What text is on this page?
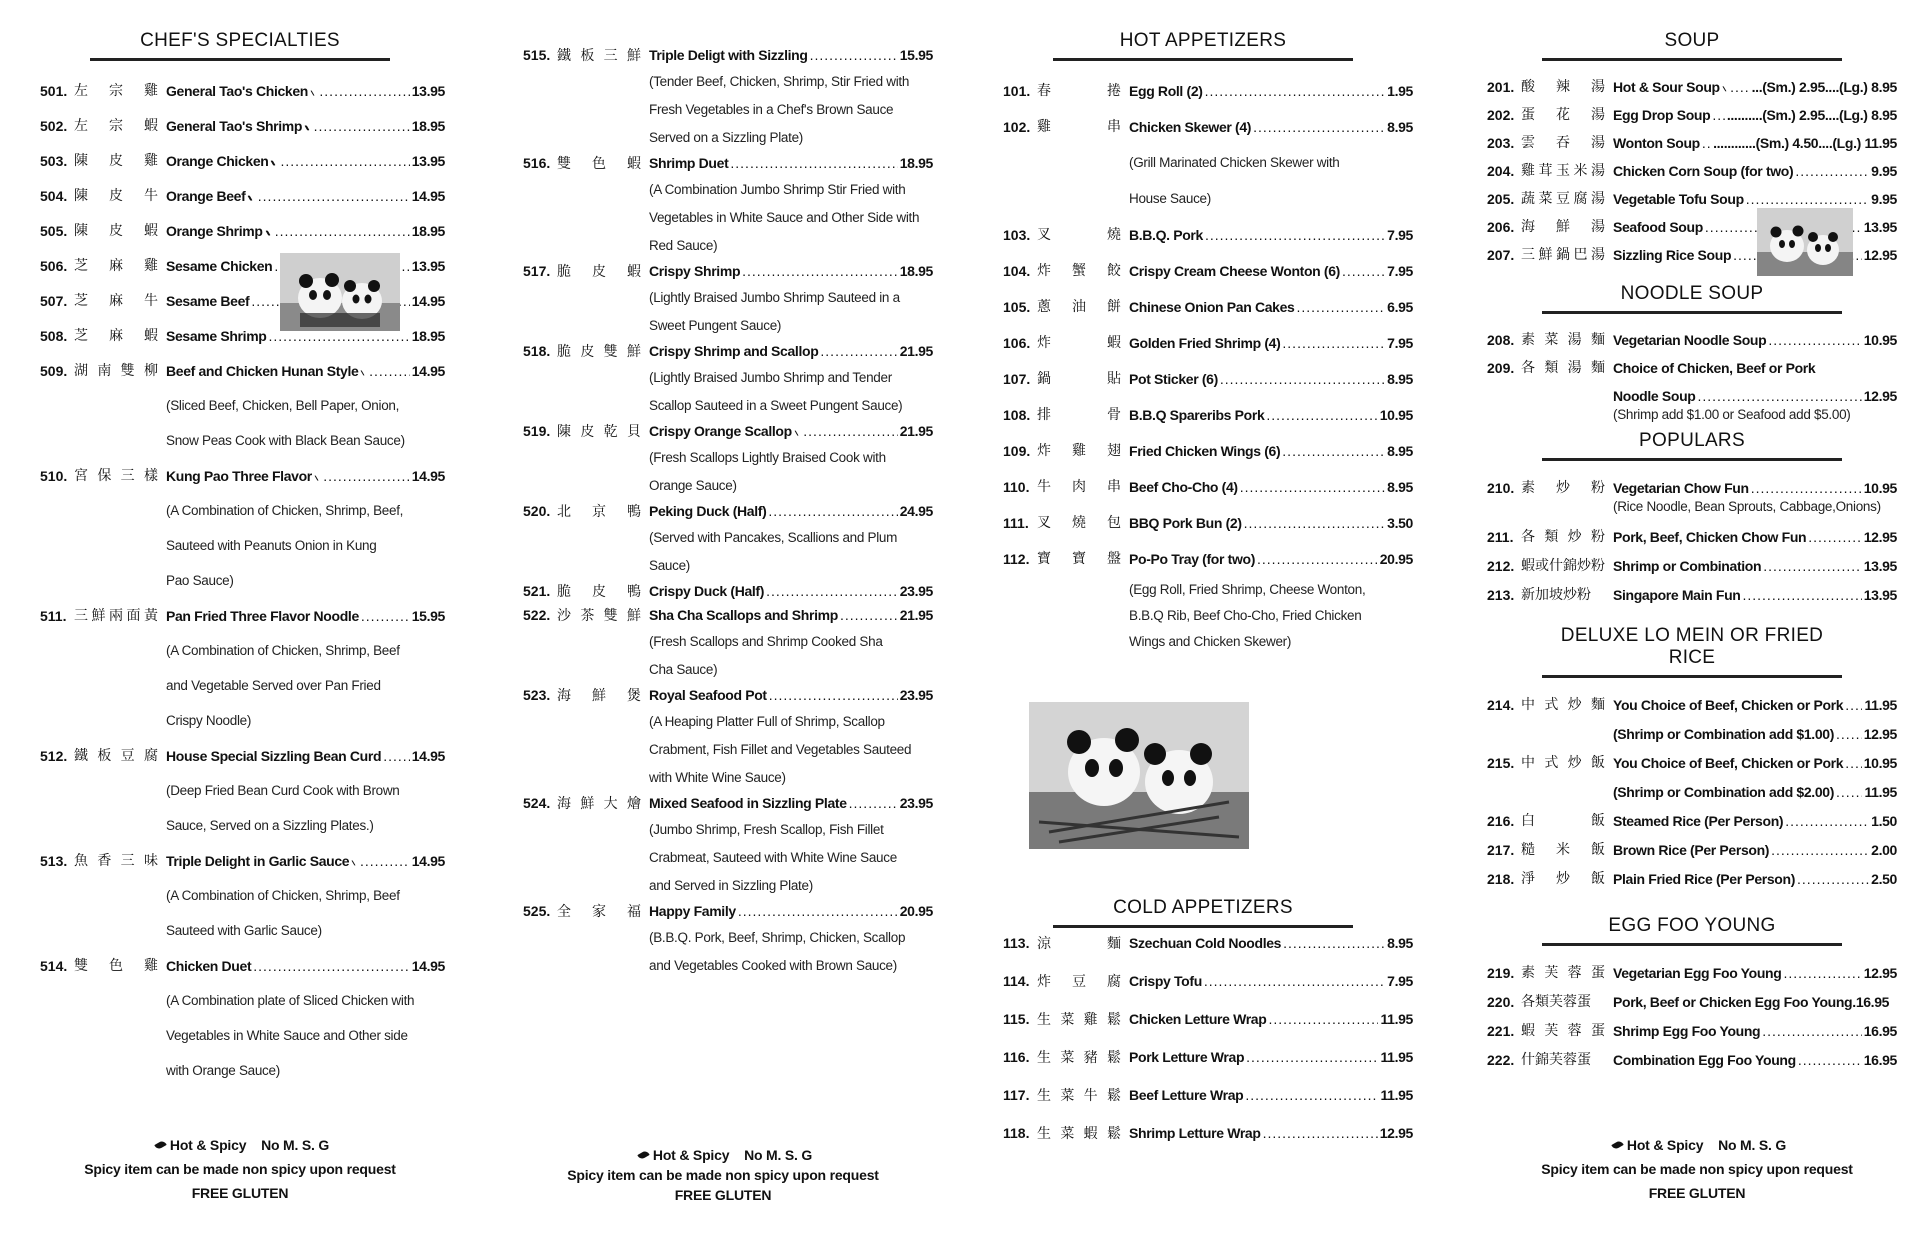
CHEF'S SPECIALTIES
501. 左 宗 雞 General Tao's Chicken .....	13.95
502. 左 宗 蝦 General Tao's Shrimp .....	18.95
503. 陳 皮 雞 Orange Chicken .....	13.95
504. 陳 皮 牛 Orange Beef .....	14.95
505. 陳 皮 蝦 Orange Shrimp .....	18.95
506. 芝 麻 雞 Sesame Chicken .....	13.95
507. 芝 麻 牛 Sesame Beef .....	14.95
508. 芝 麻 蝦 Sesame Shrimp .....	18.95
509. 湖 南 雙 柳 Beef and Chicken Hunan Style .....	14.95
(Sliced Beef, Chicken, Bell Paper, Onion,
Snow Peas Cook with Black Bean Sauce)
510. 宮 保 三 樣 Kung Pao Three Flavor .....	14.95
(A Combination of Chicken, Shrimp, Beef,
Sauteed with Peanuts Onion in Kung
Pao Sauce)
511. 三 鮮 兩 面 黃 Pan Fried Three Flavor Noodle .....	15.95
(A Combination of Chicken, Shrimp, Beef
and Vegetable Served over Pan Fried
Crispy Noodle)
512. 鐵 板 豆 腐 House Special Sizzling Bean Curd ..... 14.95
(Deep Fried Bean Curd Cook with Brown
Sauce, Served on a Sizzling Plates.)
513. 魚 香 三 味 Triple Delight in Garlic Sauce .....	14.95
(A Combination of Chicken, Shrimp, Beef
Sauteed with Garlic Sauce)
514. 雙 色 雞 Chicken Duet .....	14.95
(A Combination plate of Sliced Chicken with
Vegetables in White Sauce and Other side
with Orange Sauce)
515. 鐵 板 三 鮮 Triple Deligt with Sizzling .....	15.95
(Tender Beef, Chicken, Shrimp, Stir Fried with
Fresh Vegetables in a Chef's Brown Sauce
Served on a Sizzling Plate)
516. 雙 色 蝦 Shrimp Duet .....	18.95
(A Combination Jumbo Shrimp Stir Fried with
Vegetables in White Sauce and Other Side with
Red Sauce)
517. 脆 皮 蝦 Crispy Shrimp .....	18.95
(Lightly Braised Jumbo Shrimp Sauteed in a
Sweet Pungent Sauce)
518. 脆 皮 雙 鮮 Crispy Shrimp and Scallop .....	21.95
(Lightly Braised Jumbo Shrimp and Tender
Scallop Sauteed in a Sweet Pungent Sauce)
519. 陳 皮 乾 貝 Crispy Orange Scallop .....	21.95
(Fresh Scallops Lightly Braised Cook with
Orange Sauce)
520. 北 京 鴨 Peking Duck (Half) .....	24.95
(Served with Pancakes, Scallions and Plum
Sauce)
521. 脆 皮 鴨 Crispy Duck (Half) .....	23.95
522. 沙 茶 雙 鮮 Sha Cha Scallops and Shrimp .....	21.95
(Fresh Scallops and Shrimp Cooked Sha
Cha Sauce)
523. 海 鮮 煲 Royal Seafood Pot .....	23.95
(A Heaping Platter Full of Shrimp, Scallop
Crabment, Fish Fillet and Vegetables Sauteed
with White Wine Sauce)
524. 海 鮮 大 燴 Mixed Seafood in Sizzling Plate .....	23.95
(Jumbo Shrimp, Fresh Scallop, Fish Fillet
Crabmeat, Sauteed with White Wine Sauce
and Served in Sizzling Plate)
525. 全 家 福 Happy Family .....	20.95
(B.B.Q. Pork, Beef, Shrimp, Chicken, Scallop
and Vegetables Cooked with Brown Sauce)
HOT APPETIZERS
101. 春	捲 Egg Roll (2) .....	1.95
102. 雞	串 Chicken Skewer (4) .....	8.95
(Grill Marinated Chicken Skewer with
House Sauce)
103. 叉	燒 B.B.Q. Pork .....	7.95
104. 炸 蟹 餃 Crispy Cream Cheese Wonton (6) .....	7.95
105. 蔥 油 餅 Chinese Onion Pan Cakes .....	6.95
106. 炸	蝦 Golden Fried Shrimp (4) .....	7.95
107. 鍋	貼 Pot Sticker (6) .....	8.95
108. 排	骨 B.B.Q Spareribs Pork .....	10.95
109. 炸 雞 翅 Fried Chicken Wings (6) .....	8.95
110. 牛 肉 串 Beef Cho-Cho (4) .....	8.95
111. 叉 燒 包 BBQ Pork Bun (2) .....	3.50
112. 寶 寶 盤 Po-Po Tray (for two) .....	20.95
(Egg Roll, Fried Shrimp, Cheese Wonton,
B.B.Q Rib, Beef Cho-Cho, Fried Chicken
Wings and Chicken Skewer)
COLD APPETIZERS
113. 涼	麵 Szechuan Cold Noodles .....	8.95
114. 炸 豆 腐 Crispy Tofu .....	7.95
115. 生 菜 雞 鬆 Chicken Letture Wrap .....	11.95
116. 生 菜 豬 鬆 Pork Letture Wrap .....	11.95
117. 生 菜 牛 鬆 Beef Letture Wrap .....	11.95
118. 生 菜 蝦 鬆 Shrimp Letture Wrap .....	12.95
SOUP
201. 酸 辣 湯 Hot & Sour Soup ..... ...(Sm.) 2.95....(Lg.) 8.95
202. 蛋 花 湯 Egg Drop Soup ..... ..........(Sm.) 2.95....(Lg.) 8.95
203. 雲 吞 湯 Wonton Soup ..... ............(Sm.) 4.50....(Lg.) 11.95
204. 雞 茸 玉 米 湯 Chicken Corn Soup (for two) .....	9.95
205. 蔬 菜 豆 腐 湯 Vegetable Tofu Soup .....	9.95
206. 海 鮮 湯 Seafood Soup .....	13.95
207. 三 鮮 鍋 巴 湯 Sizzling Rice Soup .....	12.95
NOODLE SOUP
208. 素 菜 湯 麵 Vegetarian Noodle Soup .....	10.95
209. 各 類 湯 麵 Choice of Chicken, Beef or Pork
Noodle Soup .....	12.95
(Shrimp add $1.00 or Seafood add $5.00)
POPULARS
210. 素 炒 粉 Vegetarian Chow Fun .....	10.95
(Rice Noodle, Bean Sprouts, Cabbage,Onions)
211. 各 類 炒 粉 Pork, Beef, Chicken Chow Fun .....	12.95
212. 蝦或什錦炒粉 Shrimp or Combination .....	13.95
213. 新加坡炒粉 Singapore Main Fun .....	13.95
DELUXE LO MEIN OR FRIED RICE
214. 中 式 炒 麵 You Choice of Beef, Chicken or Pork ..... 11.95
(Shrimp or Combination add $1.00) ..... 12.95
215. 中 式 炒 飯 You Choice of Beef, Chicken or Pork ..... 10.95
(Shrimp or Combination add $2.00) ..... 11.95
216. 白	飯 Steamed Rice (Per Person) .....	1.50
217. 糙 米 飯 Brown Rice (Per Person) .....	2.00
218. 淨 炒 飯 Plain Fried Rice (Per Person) .....	2.50
EGG FOO YOUNG
219. 素 芙 蓉 蛋 Vegetarian Egg Foo Young .....	12.95
220. 各類芙蓉蛋 Pork, Beef or Chicken Egg Foo Young. 16.95
221. 蝦 芙 蓉 蛋 Shrimp Egg Foo Young .....	16.95
222. 什錦芙蓉蛋 Combination Egg Foo Young .....	16.95
Hot & Spicy No M. S. G
Spicy item can be made non spicy upon request
FREE GLUTEN
Hot & Spicy No M. S. G
Spicy item can be made non spicy upon request
FREE GLUTEN
Hot & Spicy No M. S. G
Spicy item can be made non spicy upon request
FREE GLUTEN
